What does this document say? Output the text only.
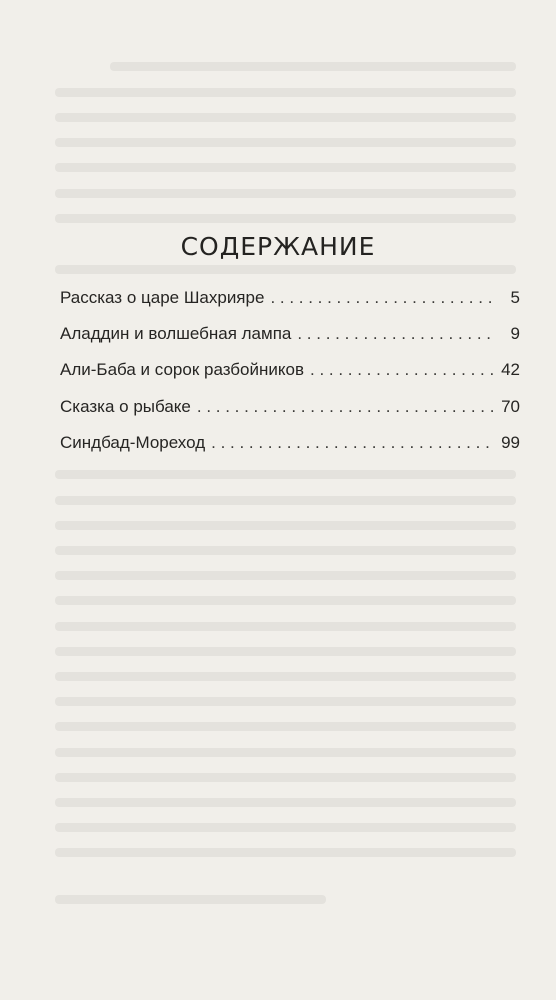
СОДЕРЖАНИЕ
Рассказ о царе Шахрияре . . .	5
Аладдин и волшебная лампа . . .	9
Али-Баба и сорок разбойников . . .	42
Сказка о рыбаке . . .	70
Синдбад-Мореход . . .	99
